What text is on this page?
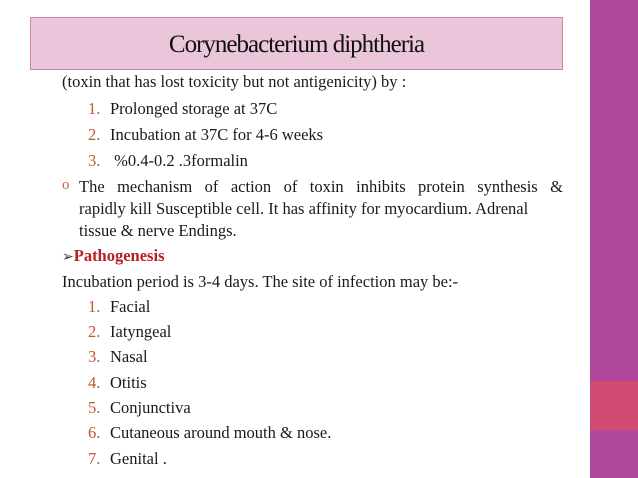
Corynebacterium diphtheria
(toxin that has lost toxicity but not antigenicity) by :
1. Prolonged storage at 37C
2. Incubation at 37C for 4-6 weeks
3. %0.4-0.2 .3formalin
o The mechanism of action of toxin inhibits protein synthesis &
rapidly kill Susceptible cell. It has affinity for myocardium. Adrenal
tissue & nerve Endings.
➢Pathogenesis
Incubation period is 3-4 days. The site of infection may be:-
1. Facial
2. Iatyngeal
3. Nasal
4. Otitis
5. Conjunctiva
6. Cutaneous around mouth & nose.
7. Genital .
